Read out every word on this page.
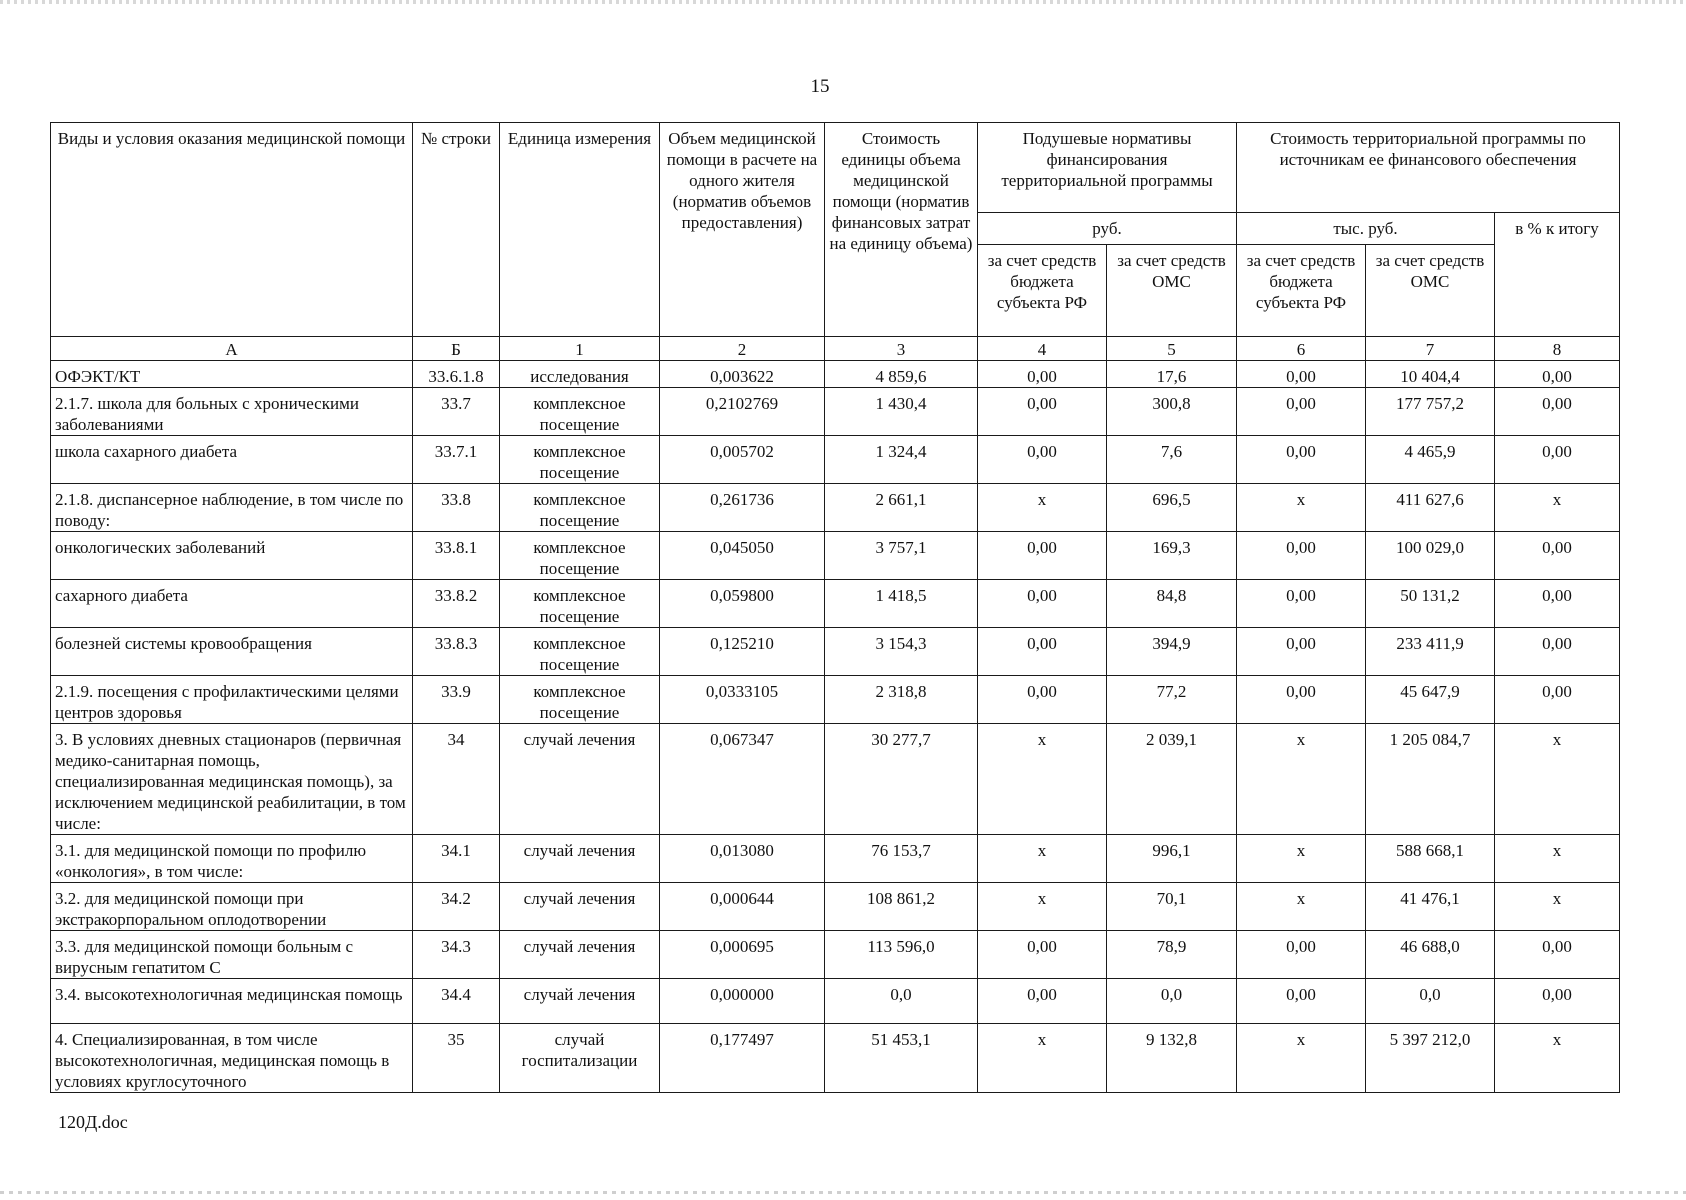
15
Виды и условия оказания медицинской помощи	№ строки	Единица измерения	Объем медицинской помощи в расчете на одного жителя (норматив объемов предоставления)	Стоимость единицы объема медицинской помощи (норматив финансовых затрат на единицу объема)	Подушевые нормативы финансирования территориальной программы		Стоимость территориальной программы по источникам ее финансового обеспечения		
					руб.		тыс. руб.		в % к итогу
					за счет средств бюджета субъекта РФ	за счет средств ОМС	за счет средств бюджета субъекта РФ	за счет средств ОМС	
А	Б	1	2	3	4	5	6	7	8
ОФЭКТ/КТ	33.6.1.8	исследования	0,003622	4 859,6	0,00	17,6	0,00	10 404,4	0,00
2.1.7. школа для больных с хроническими заболеваниями	33.7	комплексное посещение	0,2102769	1 430,4	0,00	300,8	0,00	177 757,2	0,00
школа сахарного диабета	33.7.1	комплексное посещение	0,005702	1 324,4	0,00	7,6	0,00	4 465,9	0,00
2.1.8. диспансерное наблюдение, в том числе по поводу:	33.8	комплексное посещение	0,261736	2 661,1	х	696,5	х	411 627,6	х
онкологических заболеваний	33.8.1	комплексное посещение	0,045050	3 757,1	0,00	169,3	0,00	100 029,0	0,00
сахарного диабета	33.8.2	комплексное посещение	0,059800	1 418,5	0,00	84,8	0,00	50 131,2	0,00
болезней системы кровообращения	33.8.3	комплексное посещение	0,125210	3 154,3	0,00	394,9	0,00	233 411,9	0,00
2.1.9. посещения с профилактическими целями центров здоровья	33.9	комплексное посещение	0,0333105	2 318,8	0,00	77,2	0,00	45 647,9	0,00
3. В условиях дневных стационаров (первичная медико-санитарная помощь, специализированная медицинская помощь), за исключением медицинской реабилитации, в том числе:	34	случай лечения	0,067347	30 277,7	х	2 039,1	х	1 205 084,7	х
3.1. для медицинской помощи по профилю «онкология», в том числе:	34.1	случай лечения	0,013080	76 153,7	х	996,1	х	588 668,1	х
3.2. для медицинской помощи при экстракорпоральном оплодотворении	34.2	случай лечения	0,000644	108 861,2	х	70,1	х	41 476,1	х
3.3. для медицинской помощи больным с вирусным гепатитом С	34.3	случай лечения	0,000695	113 596,0	0,00	78,9	0,00	46 688,0	0,00
3.4. высокотехнологичная медицинская помощь	34.4	случай лечения	0,000000	0,0	0,00	0,0	0,00	0,0	0,00
4. Специализированная, в том числе высокотехнологичная, медицинская помощь в условиях круглосуточного	35	случай госпитализации	0,177497	51 453,1	х	9 132,8	х	5 397 212,0	х
120Д.doc
